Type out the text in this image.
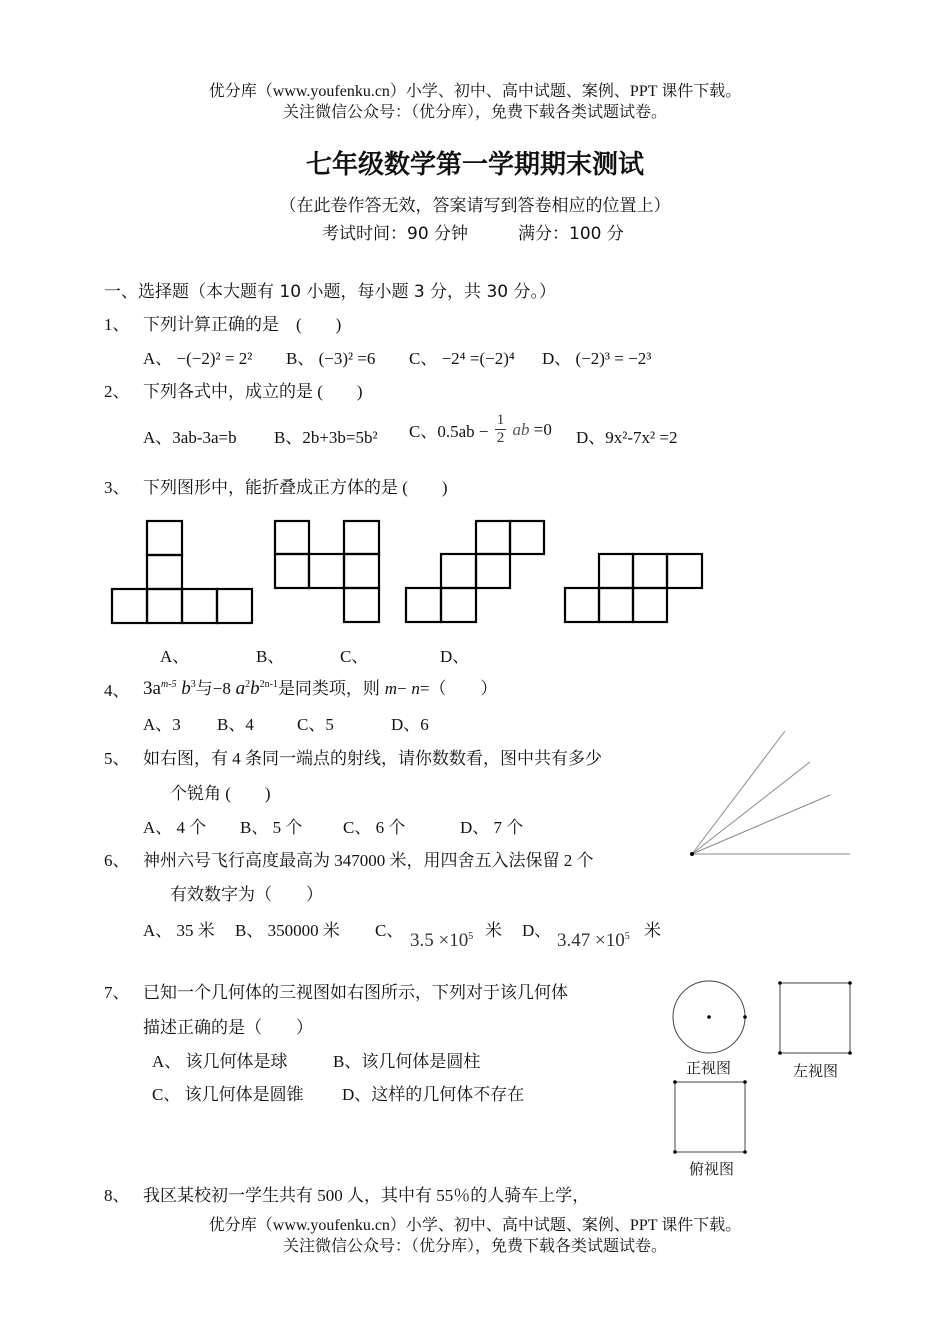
优分库（www.youfenku.cn）小学、初中、高中试题、案例、PPT 课件下载。
关注微信公众号：（优分库），免费下载各类试题试卷。
七年级数学第一学期期末测试
（在此卷作答无效，答案请写到答卷相应的位置上）
考试时间：90 分钟	满分：100 分
一、选择题（本大题有 10 小题，每小题 3 分，共 30 分。）
1、 下列计算正确的是　(　　)
A、 −(−2)² = 2² B、 (−3)² =6 C、 −2⁴ =(−2)⁴ D、 (−2)³ = −2³
2、 下列各式中，成立的是 (　　)
A、3ab-3a=b B、2b+3b=5b² C、$0.5ab - \frac{1}{2}$ ab =0 D、9x²-7x² =2
3、 下列图形中，能折叠成正方体的是 (　　)
A、	B、	C、	D、
4、 $3a^{m-5}$ $b^3$与−8 $a^2b^{2n-1}$是同类项，则 m− n=（　　）
A、3 B、4	C、5	D、6
5、 如右图，有 4 条同一端点的射线，请你数数看，图中共有多少
个锐角 (　　)
A、 4 个 B、 5 个 C、 6 个	D、 7 个
6、 神州六号飞行高度最高为 347000 米，用四舍五入法保留 2 个
有效数字为（　　）
A、 35 米 B、 350000 米 C、 $3.5 \times 10^5$ 米 D、 $3.47 \times 10^5$ 米
7、 已知一个几何体的三视图如右图所示，下列对于该几何体
描述正确的是（　　）
A、 该几何体是球	B、该几何体是圆柱
C、 该几何体是圆锥 D、这样的几何体不存在
正视图	左视图
俯视图
8、 我区某校初一学生共有 500 人，其中有 55％的人骑车上学，
优分库（www.youfenku.cn）小学、初中、高中试题、案例、PPT 课件下载。
关注微信公众号：（优分库），免费下载各类试题试卷。
